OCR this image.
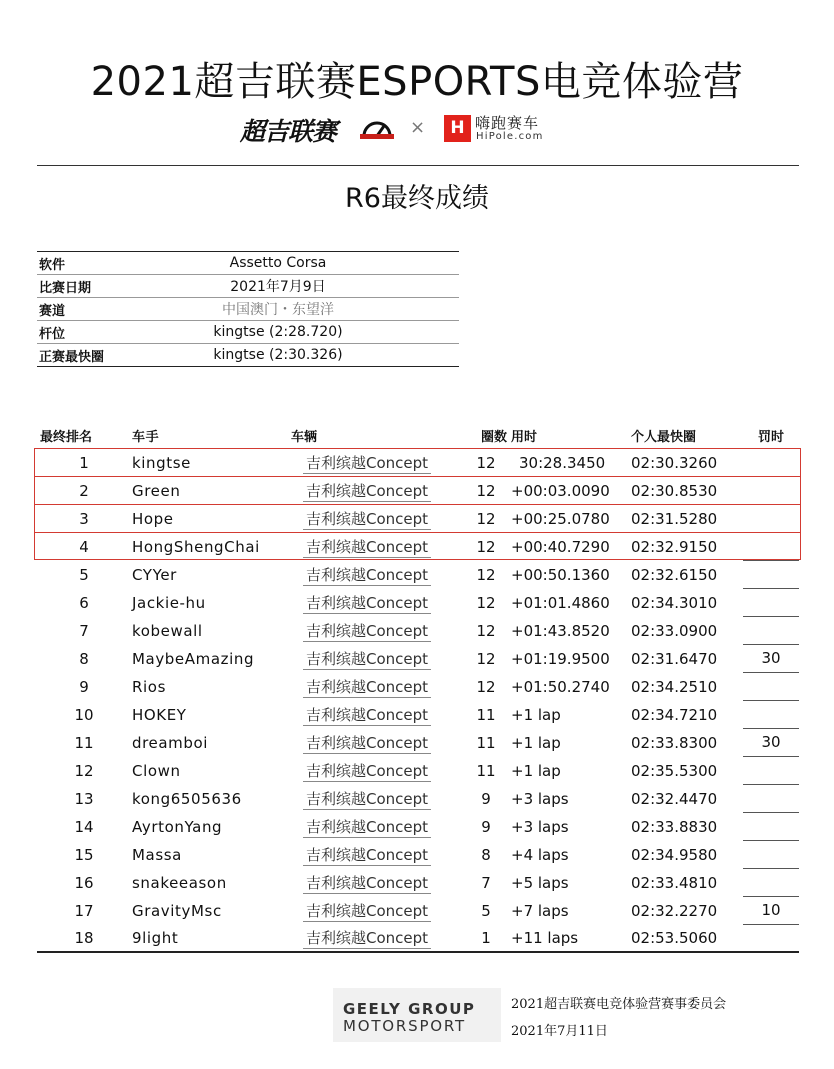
2021超吉联赛ESPORTS电竞体验营
超吉联赛	×	H 嗨跑赛车
HiPole.com
R6最终成绩
软件	Assetto Corsa
比赛日期	2021年7月9日
赛道	中国澳门・东望洋
杆位	kingtse (2:28.720)
正赛最快圈	kingtse (2:30.326)
最终排名	车手	车辆	圈数 用时	个人最快圈	罚时
1	kingtse	吉利缤越Concept	12	30:28.3450	02:30.3260
2	Green	吉利缤越Concept	12	+00:03.0090	02:30.8530
3	Hope	吉利缤越Concept	12	+00:25.0780	02:31.5280
4	HongShengChai	吉利缤越Concept	12	+00:40.7290	02:32.9150
5	CYYer	吉利缤越Concept	12	+00:50.1360	02:32.6150
6	Jackie-hu	吉利缤越Concept	12	+01:01.4860	02:34.3010
7	kobewall	吉利缤越Concept	12	+01:43.8520	02:33.0900
8	MaybeAmazing	吉利缤越Concept	12	+01:19.9500	02:31.6470	30
9	Rios	吉利缤越Concept	12	+01:50.2740	02:34.2510
10	HOKEY	吉利缤越Concept	11	+1 lap	02:34.7210
11	dreamboi	吉利缤越Concept	11	+1 lap	02:33.8300	30
12	Clown	吉利缤越Concept	11	+1 lap	02:35.5300
13	kong6505636	吉利缤越Concept	9	+3 laps	02:32.4470
14	AyrtonYang	吉利缤越Concept	9	+3 laps	02:33.8830
15	Massa	吉利缤越Concept	8	+4 laps	02:34.9580
16	snakeeason	吉利缤越Concept	7	+5 laps	02:33.4810
17	GravityMsc	吉利缤越Concept	5	+7 laps	02:32.2270	10
18	9light	吉利缤越Concept	1	+11 laps	02:53.5060
GEELY GROUP
MOTORSPORT
2021超吉联赛电竞体验营赛事委员会
2021年7月11日
